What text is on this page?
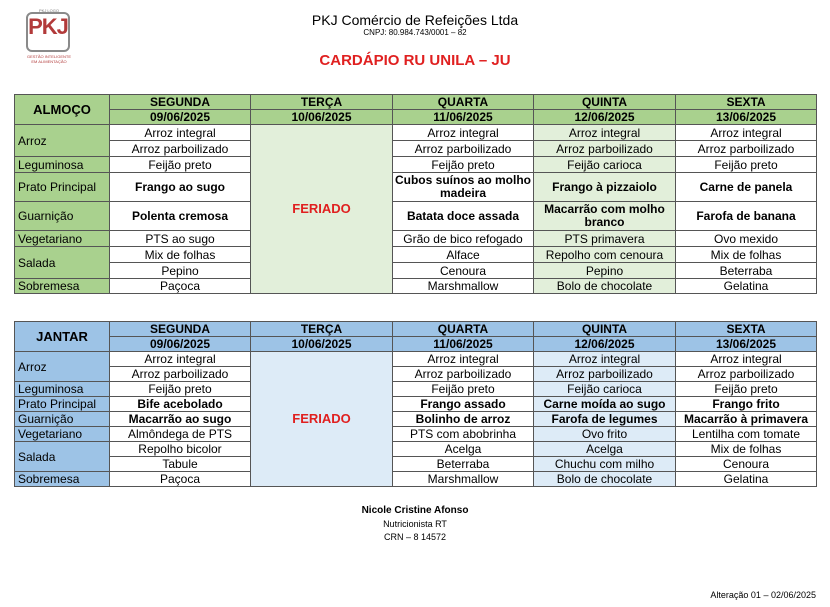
PKJ LOGO
PKJ
GESTÃO INTELIGENTE
EM ALIMENTAÇÃO
PKJ Comércio de Refeições Ltda
CNPJ: 80.984.743/0001 – 82
CARDÁPIO RU UNILA – JU
ALMOÇO	SEGUNDA	TERÇA	QUARTA	QUINTA	SEXTA
	09/06/2025	10/06/2025	11/06/2025	12/06/2025	13/06/2025
Arroz	Arroz integral	FERIADO	Arroz integral	Arroz integral	Arroz integral
	Arroz parboilizado		Arroz parboilizado	Arroz parboilizado	Arroz parboilizado
Leguminosa	Feijão preto		Feijão preto	Feijão carioca	Feijão preto
Prato Principal	Frango ao sugo		Cubos suínos ao molho madeira	Frango à pizzaiolo	Carne de panela
Guarnição	Polenta cremosa		Batata doce assada	Macarrão com molho branco	Farofa de banana
Vegetariano	PTS ao sugo		Grão de bico refogado	PTS primavera	Ovo mexido
Salada	Mix de folhas		Alface	Repolho com cenoura	Mix de folhas
	Pepino		Cenoura	Pepino	Beterraba
Sobremesa	Paçoca		Marshmallow	Bolo de chocolate	Gelatina
JANTAR	SEGUNDA	TERÇA	QUARTA	QUINTA	SEXTA
	09/06/2025	10/06/2025	11/06/2025	12/06/2025	13/06/2025
Arroz	Arroz integral	FERIADO	Arroz integral	Arroz integral	Arroz integral
	Arroz parboilizado		Arroz parboilizado	Arroz parboilizado	Arroz parboilizado
Leguminosa	Feijão preto		Feijão preto	Feijão carioca	Feijão preto
Prato Principal	Bife acebolado		Frango assado	Carne moída ao sugo	Frango frito
Guarnição	Macarrão ao sugo		Bolinho de arroz	Farofa de legumes	Macarrão à primavera
Vegetariano	Almôndega de PTS		PTS com abobrinha	Ovo frito	Lentilha com tomate
Salada	Repolho bicolor		Acelga	Acelga	Mix de folhas
	Tabule		Beterraba	Chuchu com milho	Cenoura
Sobremesa	Paçoca		Marshmallow	Bolo de chocolate	Gelatina
Nicole Cristine Afonso
Nutricionista RT
CRN – 8 14572
Alteração 01 – 02/06/2025
